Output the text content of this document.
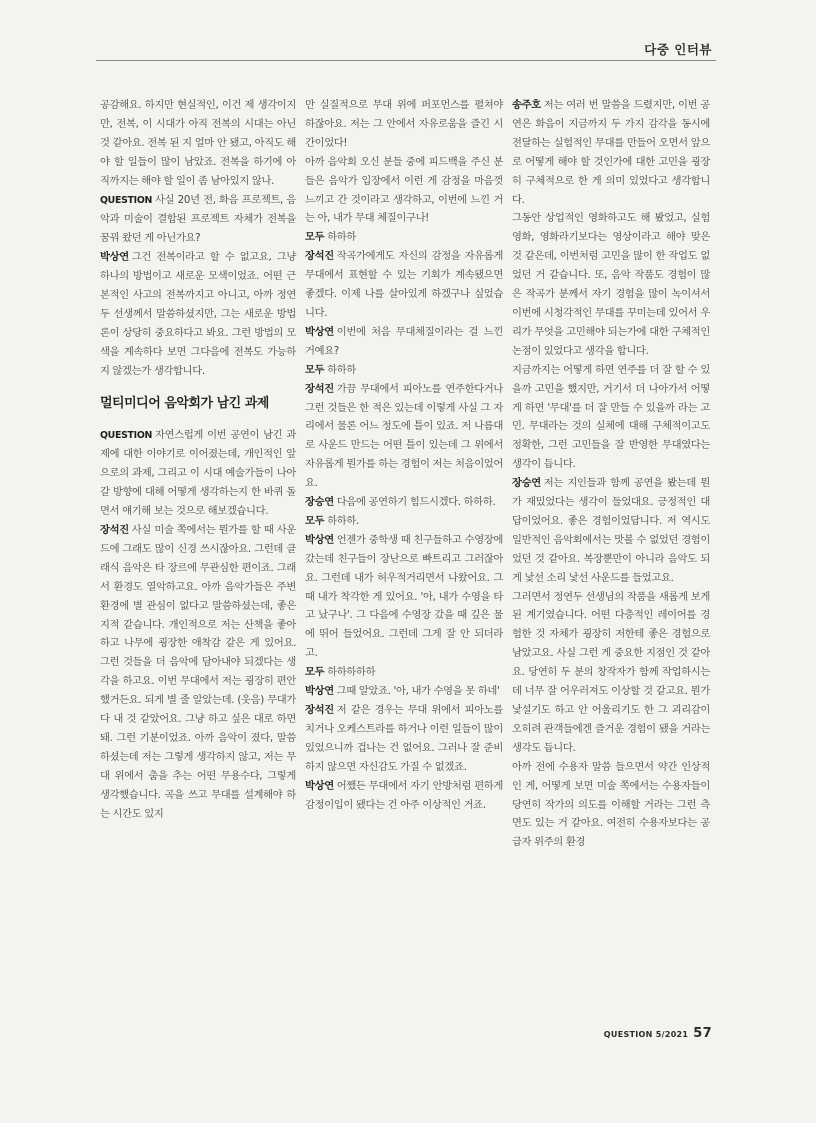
다중 인터뷰

공감해요. 하지만 현실적인, 이건 제 생각이지만, 전복, 이 시대가 아직 전복의 시대는 아닌 것 같아요. 전복 된 지 얼마 안 됐고, 아직도 해야 할 일들이 많이 남았죠. 전복을 하기에 아직까지는 해야 할 일이 좀 남아있지 않나.

QUESTION 사실 20년 전, 화음 프로젝트, 음악과 미술이 결합된 프로젝트 자체가 전복을 꿈꿔 왔던 게 아닌가요?

박상연 그건 전복이라고 할 수 없고요, 그냥 하나의 방법이고 새로운 모색이었죠. 어떤 근본적인 사고의 전복까지고 아니고, 아까 정연두 선생께서 말씀하셨지만, 그는 새로운 방법론이 상당히 중요하다고 봐요. 그런 방법의 모색을 계속하다 보면 그다음에 전복도 가능하지 않겠는가 생각합니다.

멀티미디어 음악회가 남긴 과제

QUESTION 자연스럽게 이번 공연이 남긴 과제에 대한 이야기로 이어졌는데, 개인적인 앞으로의 과제, 그리고 이 시대 예술가들이 나아갈 방향에 대해 어떻게 생각하는지 한 바퀴 돌면서 얘기해 보는 것으로 해보겠습니다.

장석진 사실 미술 쪽에서는 뭔가를 할 때 사운드에 그래도 많이 신경 쓰시잖아요. 그런데 클래식 음악은 타 장르에 무관심한 편이죠. 그래서 환경도 열악하고요. 아까 음악가들은 주변 환경에 별 관심이 없다고 말씀하셨는데, 좋은 지적 같습니다. 개인적으로 저는 산책을 좋아하고 나무에 굉장한 애착감 같은 게 있어요. 그런 것들을 더 음악에 담아내야 되겠다는 생각을 하고요. 이번 무대에서 저는 굉장히 편안했거든요. 되게 별 줄 알았는데. (웃음) 무대가 다 내 것 같았어요. 그냥 하고 싶은 대로 하면 돼. 그런 기분이었죠. 아까 음악이 졌다, 말씀하셨는데 저는 그렇게 생각하지 않고, 저는 무대 위에서 춤을 추는 어떤 무용수다, 그렇게 생각했습니다. 곡을 쓰고 무대를 설계해야 하는 시간도 있지

만 실질적으로 무대 위에 퍼포먼스를 펼쳐야 하잖아요. 저는 그 안에서 자유로움을 즐긴 시간이었다!

아까 음악회 오신 분들 중에 피드백을 주신 분들은 음악가 입장에서 이런 게 감정을 마음껏 느끼고 간 것이라고 생각하고, 이번에 느낀 거는 아, 내가 무대 체질이구나!

모두 하하하

장석진 작곡가에게도 자신의 감정을 자유롭게 무대에서 표현할 수 있는 기회가 계속됐으면 좋겠다. 이제 나를 살아있게 하겠구나 싶었습니다.

박상연 이번에 처음 무대체질이라는 걸 느낀 거예요?

모두 하하하

장석진 가끔 무대에서 피아노를 연주한다거나 그런 것들은 한 적은 있는데 이렇게 사실 그 자리에서 물론 어느 정도에 틀이 있죠. 저 나름대로 사운드 만드는 어떤 틀이 있는데 그 위에서 자유롭게 뭔가를 하는 경험이 저는 처음이었어요.

장승연 다음에 공연하기 힘드시겠다. 하하하.

모두 하하하.

박상연 언젠가 중학생 때 친구들하고 수영장에 갔는데 친구들이 장난으로 빠트리고 그러잖아요. 그런데 내가 허우적거리면서 나왔어요. 그때 내가 착각한 게 있어요. '아, 내가 수영을 타고 났구나'. 그 다음에 수영장 갔을 때 깊은 물에 뛰어 들었어요. 그런데 그게 잘 안 되더라고.

모두 하하하하하

박상연 그때 알았죠. '아, 내가 수영을 못 하네'

장석진 저 같은 경우는 무대 위에서 피아노를 치거나 오케스트라를 하거나 이런 일들이 많이 있었으니까 겁나는 건 없어요. 그러나 잘 준비하지 않으면 자신감도 가질 수 없겠죠.

박상연 어쨌든 무대에서 자기 안방처럼 편하게 감정이입이 됐다는 건 아주 이상적인 거죠.

송주호 저는 여러 번 말씀을 드렸지만, 이번 공연은 화음이 지금까지 두 가지 감각을 동시에 전달하는 실험적인 무대를 만들어 오면서 앞으로 어떻게 해야 할 것인가에 대한 고민을 굉장히 구체적으로 한 게 의미 있었다고 생각합니다.

그동안 상업적인 영화하고도 해 봤었고, 실험 영화, 영화라기보다는 영상이라고 해야 맞은 것 같은데, 이번처럼 고민을 많이 한 작업도 없었던 거 같습니다. 또, 음악 작품도 경험이 많은 작곡가 분께서 자기 경험을 많이 녹이셔서 이번에 시청각적인 무대를 꾸미는데 있어서 우리가 무엇을 고민해야 되는가에 대한 구체적인 논점이 있었다고 생각을 합니다.

지금까지는 어떻게 하면 연주를 더 잘 할 수 있을까 고민을 했지만, 거기서 더 나아가서 어떻게 하면 '무대'를 더 잘 만들 수 있을까 라는 고민. 무대라는 것의 실체에 대해 구체적이고도 정확한, 그런 고민들을 잘 반영한 무대였다는 생각이 듭니다.

장승연 저는 지인들과 함께 공연을 봤는데 뭔가 재밌었다는 생각이 들었대요. 긍정적인 대답이었어요. 좋은 경험이었답니다. 저 역시도 일반적인 음악회에서는 맛볼 수 없었던 경험이었던 것 같아요. 복장뿐만이 아니라 음악도 되게 낯선 소리 낯선 사운드를 들었고요.

그러면서 정연두 선생님의 작품을 새롭게 보게 된 계기였습니다. 어떤 다층적인 레이어를 경험한 것 자체가 굉장히 저한테 좋은 경험으로 남았고요. 사실 그런 게 중요한 지점인 것 같아요. 당연히 두 분의 창작자가 함께 작업하시는데 너무 잘 어우러져도 이상할 것 같고요. 뭔가 낯설기도 하고 안 어울리기도 한 그 괴리감이 오히려 관객들에겐 즐거운 경험이 됐을 거라는 생각도 듭니다.

아까 전에 수용자 말씀 들으면서 약간 인상적인 게, 어떻게 보면 미술 쪽에서는 수용자들이 당연히 작가의 의도를 이해할 거라는 그런 측면도 있는 거 같아요. 여전히 수용자보다는 공급자 위주의 환경

QUESTION 5/2021 57
